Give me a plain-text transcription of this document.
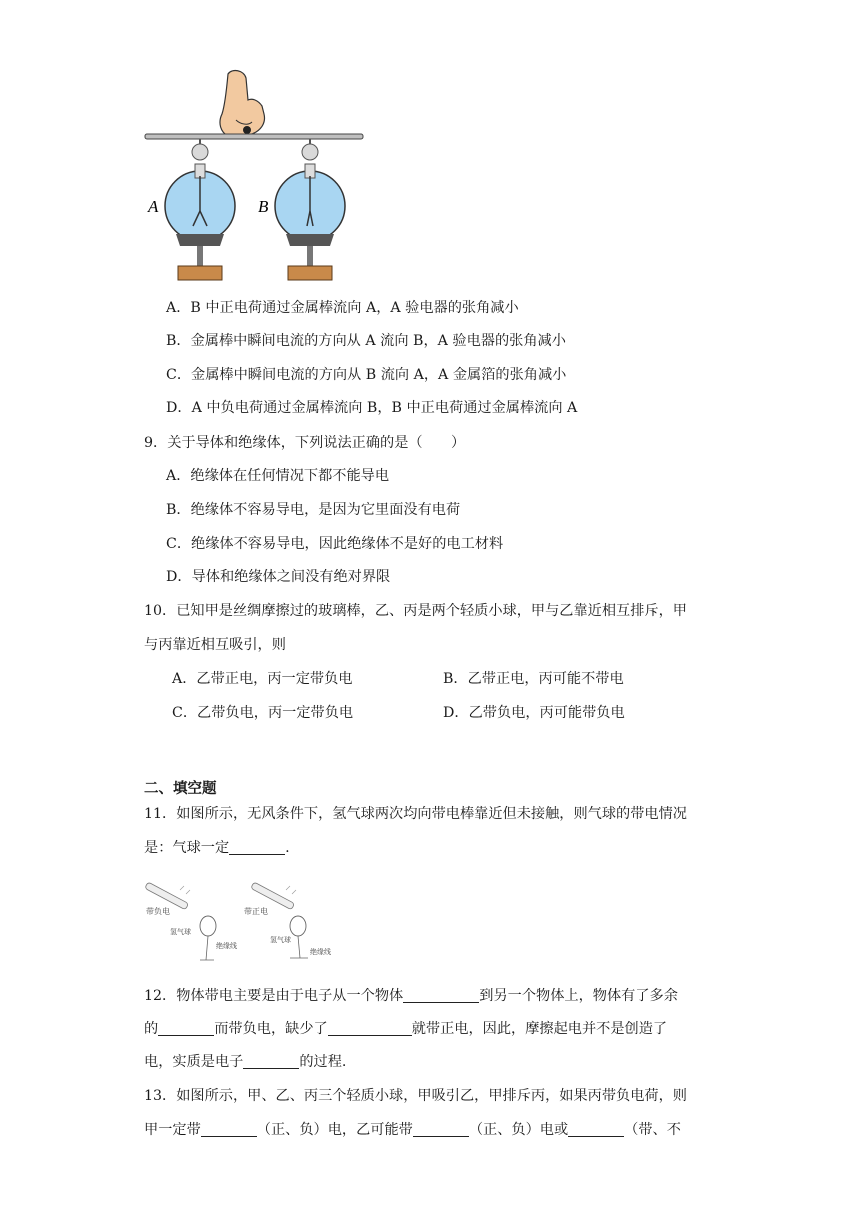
A	B
A．B 中正电荷通过金属棒流向 A，A 验电器的张角减小
B．金属棒中瞬间电流的方向从 A 流向 B，A 验电器的张角减小
C．金属棒中瞬间电流的方向从 B 流向 A，A 金属箔的张角减小
D．A 中负电荷通过金属棒流向 B，B 中正电荷通过金属棒流向 A
9．关于导体和绝缘体，下列说法正确的是（　　）
A．绝缘体在任何情况下都不能导电
B．绝缘体不容易导电，是因为它里面没有电荷
C．绝缘体不容易导电，因此绝缘体不是好的电工材料
D．导体和绝缘体之间没有绝对界限
10．已知甲是丝绸摩擦过的玻璃棒，乙、丙是两个轻质小球，甲与乙靠近相互排斥，甲
与丙靠近相互吸引，则
A．乙带正电，丙一定带负电	B．乙带正电，丙可能不带电
C．乙带负电，丙一定带负电	D．乙带负电，丙可能带负电
二、填空题
11．如图所示，无风条件下，氢气球两次均向带电棒靠近但未接触，则气球的带电情况
是：气球一定	.
带负电
氢气球
绝缘线
带正电
氢气球
绝缘线
12．物体带电主要是由于电子从一个物体	到另一个物体上，物体有了多余
的	而带负电，缺少了	就带正电，因此，摩擦起电并不是创造了
电，实质是电子	的过程.
13．如图所示，甲、乙、丙三个轻质小球，甲吸引乙，甲排斥丙，如果丙带负电荷，则
甲一定带	（正、负）电，乙可能带	（正、负）电或	（带、不
